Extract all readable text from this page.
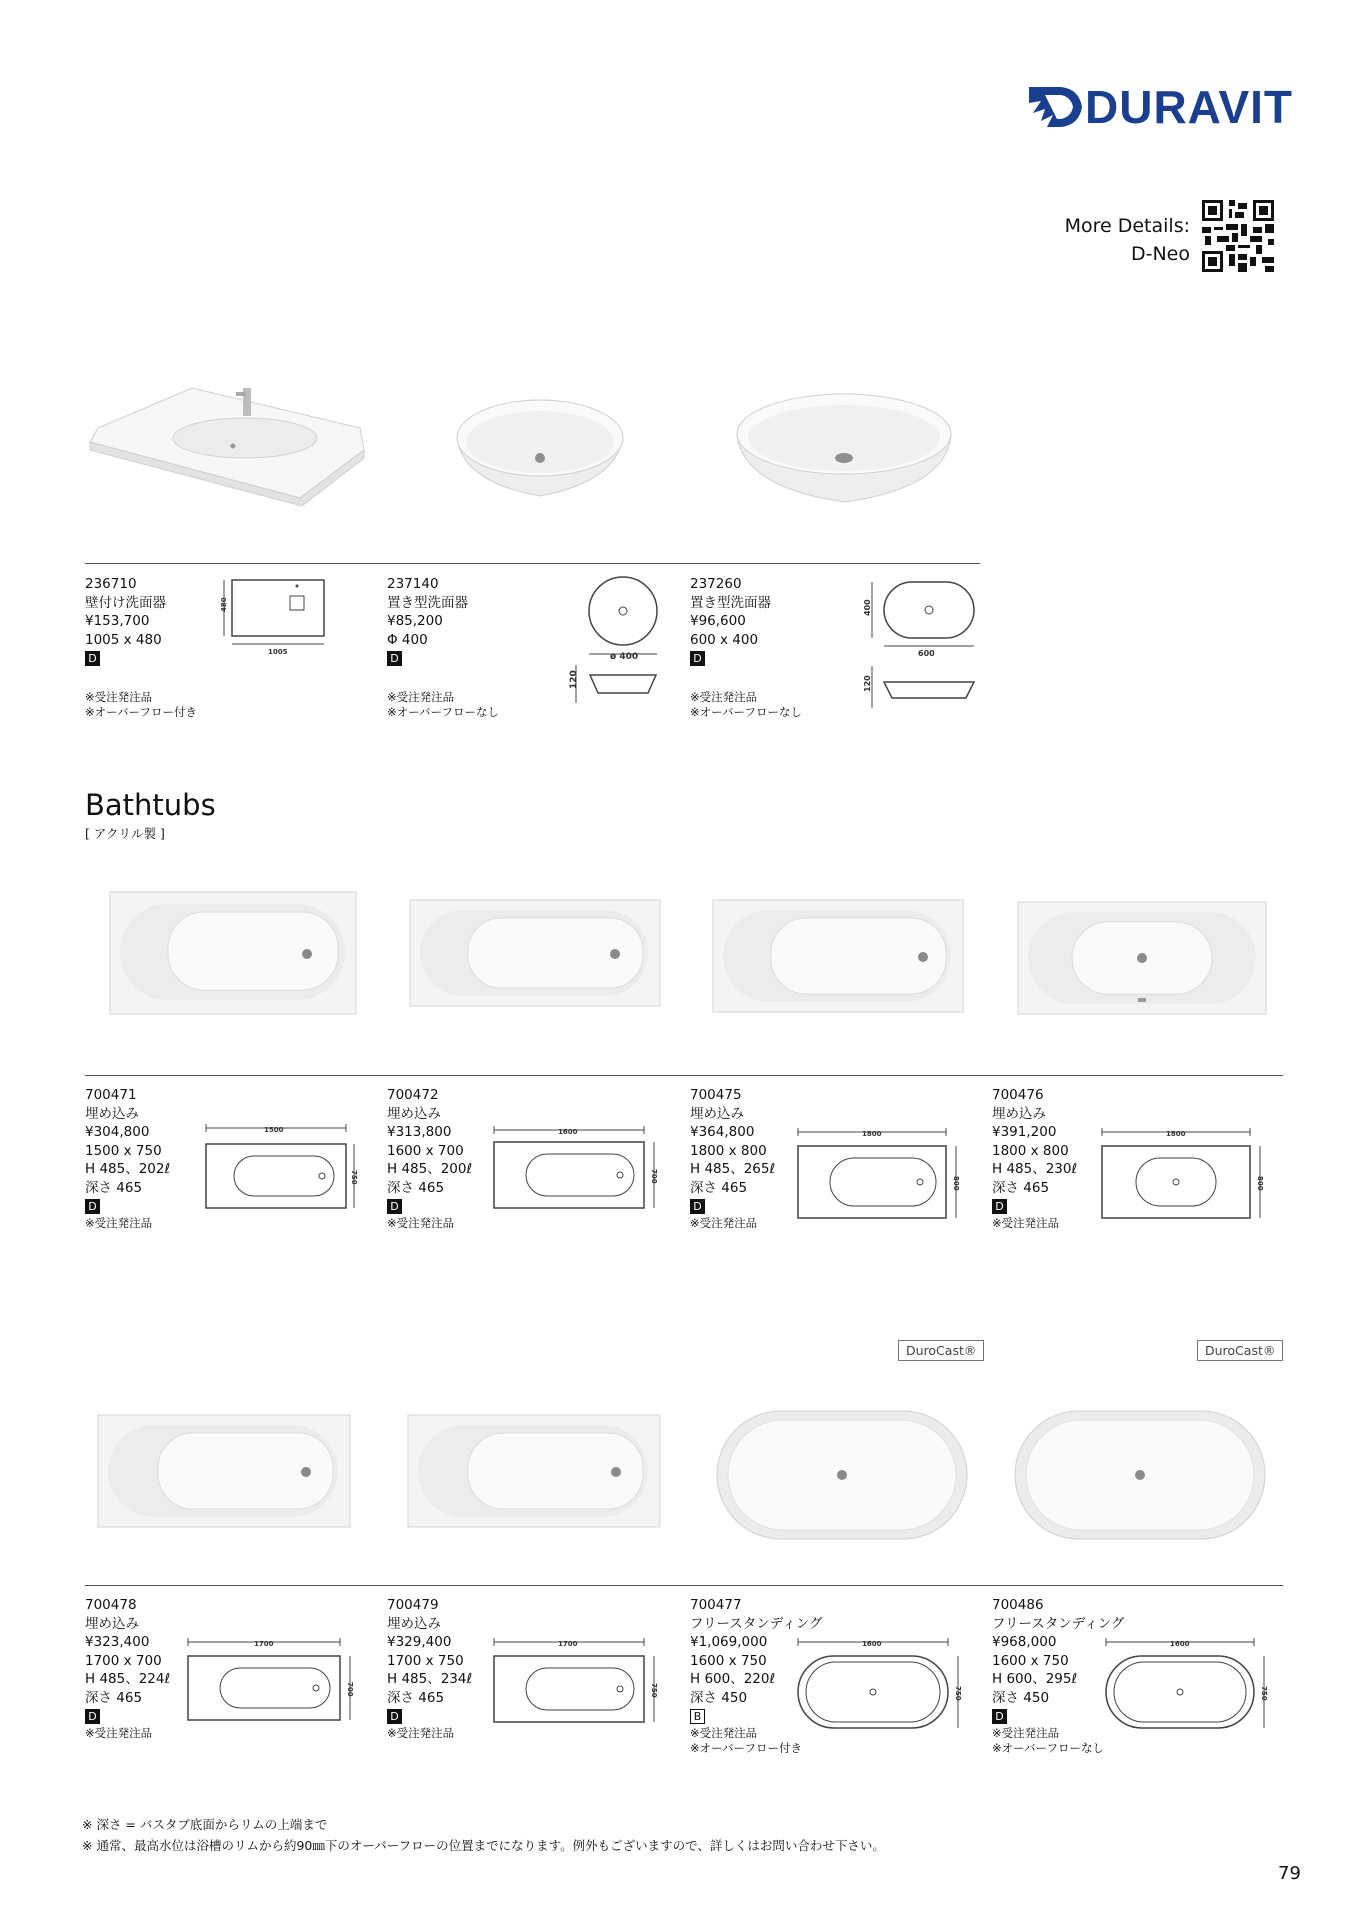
DURAVIT
More Details:
D-Neo
236710
壁付け洗面器
¥153,700
1005 x 480
D
※受注発注品
※オーバーフロー付き
237140
置き型洗面器
¥85,200
Φ 400
D
※受注発注品
※オーバーフローなし
237260
置き型洗面器
¥96,600
600 x 400
D
※受注発注品
※オーバーフローなし
480
1005	ø 400
120
400
600
120
Bathtubs
[ アクリル製 ]
700471
埋め込み
¥304,800
1500 x 750
H 485、202ℓ
深さ 465
D
※受注発注品
700472
埋め込み
¥313,800
1600 x 700
H 485、200ℓ
深さ 465
D
※受注発注品
700475
埋め込み
¥364,800
1800 x 800
H 485、265ℓ
深さ 465
D
※受注発注品
700476
埋め込み
¥391,200
1800 x 800
H 485、230ℓ
深さ 465
D
※受注発注品
1500
750
1600
700
1800
800
1800
800
DuroCast®	DuroCast®
700478
埋め込み
¥323,400
1700 x 700
H 485、224ℓ
深さ 465
D
※受注発注品
700479
埋め込み
¥329,400
1700 x 750
H 485、234ℓ
深さ 465
D
※受注発注品
700477
フリースタンディング
¥1,069,000
1600 x 750
H 600、220ℓ
深さ 450
B
※受注発注品
※オーバーフロー付き
700486
フリースタンディング
¥968,000
1600 x 750
H 600、295ℓ
深さ 450
D
※受注発注品
※オーバーフローなし
1700
700
1700
750
1600
750
1600
750
※ 深さ = バスタブ底面からリムの上端まで
※ 通常、最高水位は浴槽のリムから約90㎜下のオーバーフローの位置までになります。例外もございますので、詳しくはお問い合わせ下さい。
79
